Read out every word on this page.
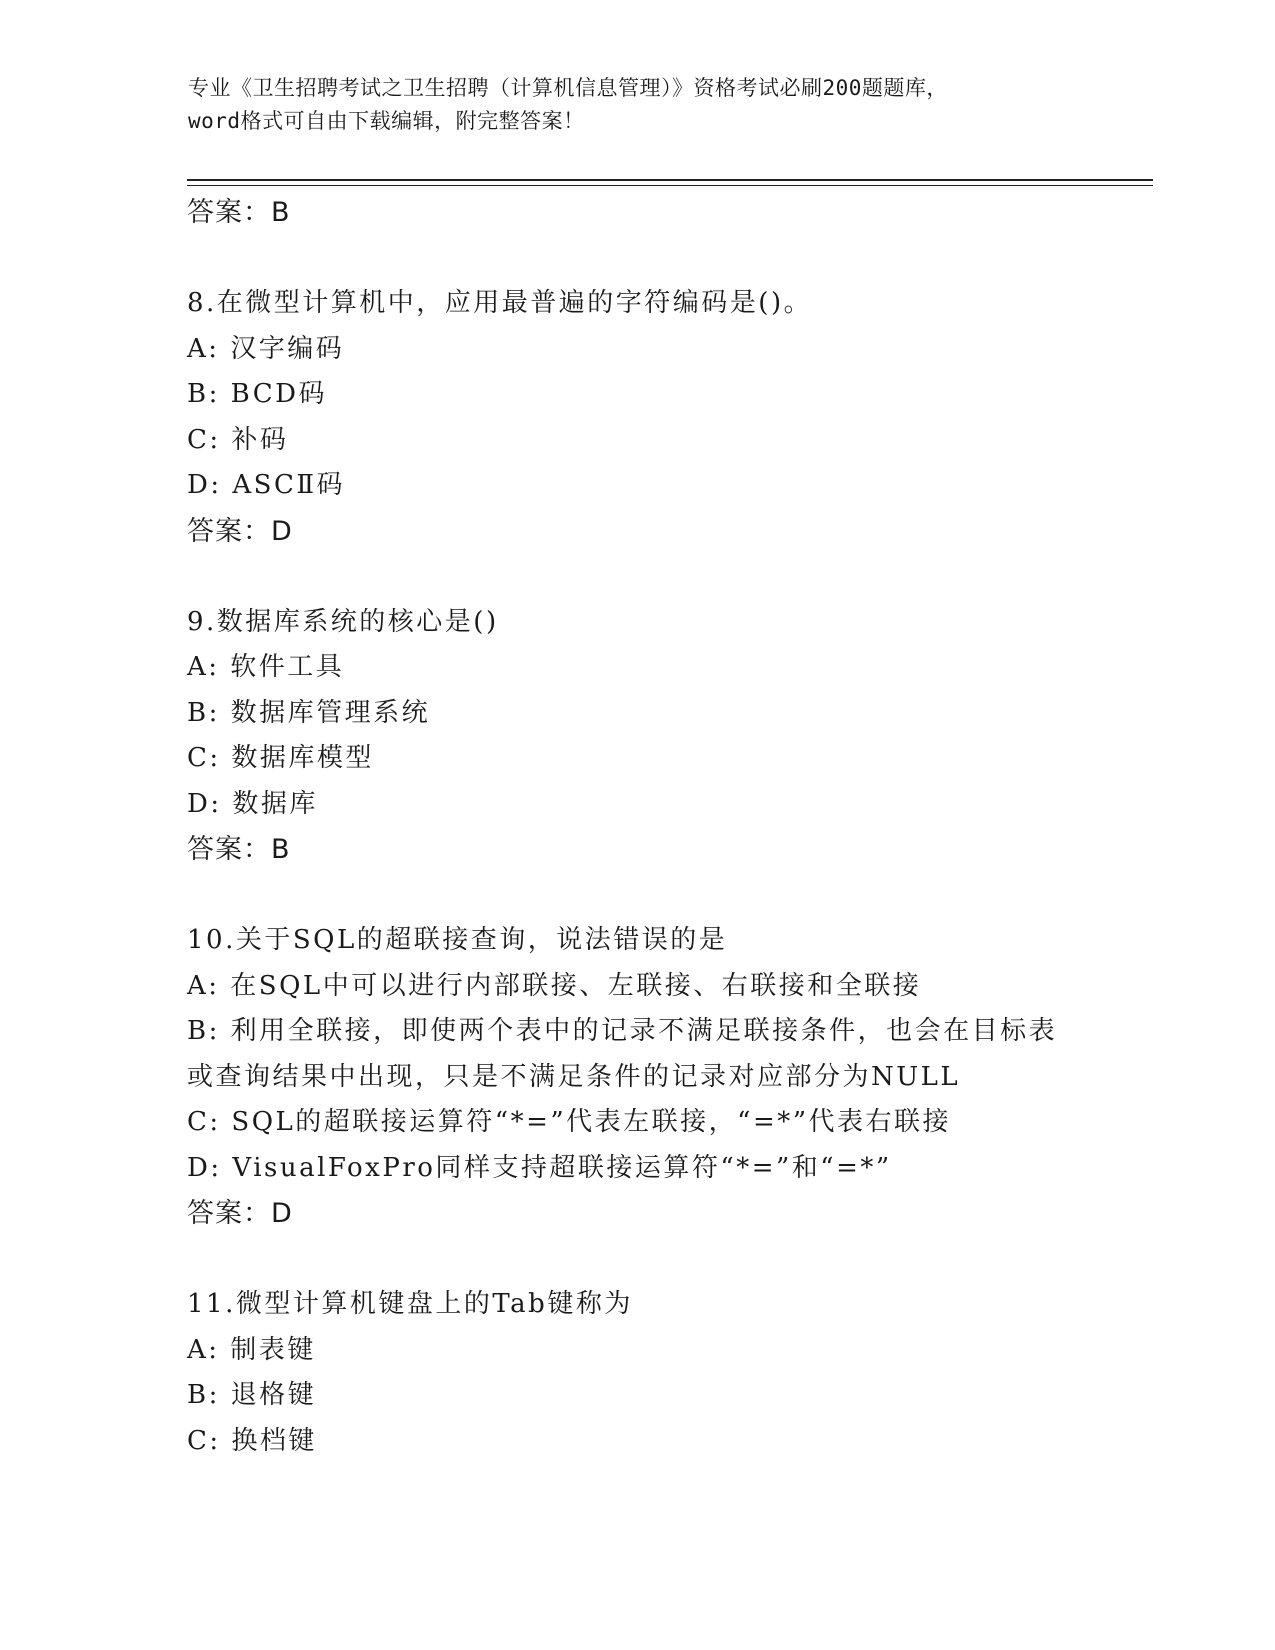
专业《卫生招聘考试之卫生招聘（计算机信息管理）》资格考试必刷200题题库，
word格式可自由下载编辑，附完整答案！
答案：B
8.在微型计算机中，应用最普遍的字符编码是()。
A: 汉字编码
B: BCD码
C: 补码
D: ASCⅡ码
答案：D
9.数据库系统的核心是()
A: 软件工具
B: 数据库管理系统
C: 数据库模型
D: 数据库
答案：B
10.关于SQL的超联接查询，说法错误的是
A: 在SQL中可以进行内部联接、左联接、右联接和全联接
B: 利用全联接，即使两个表中的记录不满足联接条件，也会在目标表
或查询结果中出现，只是不满足条件的记录对应部分为NULL
C: SQL的超联接运算符“*=”代表左联接，“=*”代表右联接
D: VisualFoxPro同样支持超联接运算符“*=”和“=*”
答案：D
11.微型计算机键盘上的Tab键称为
A: 制表键
B: 退格键
C: 换档键
